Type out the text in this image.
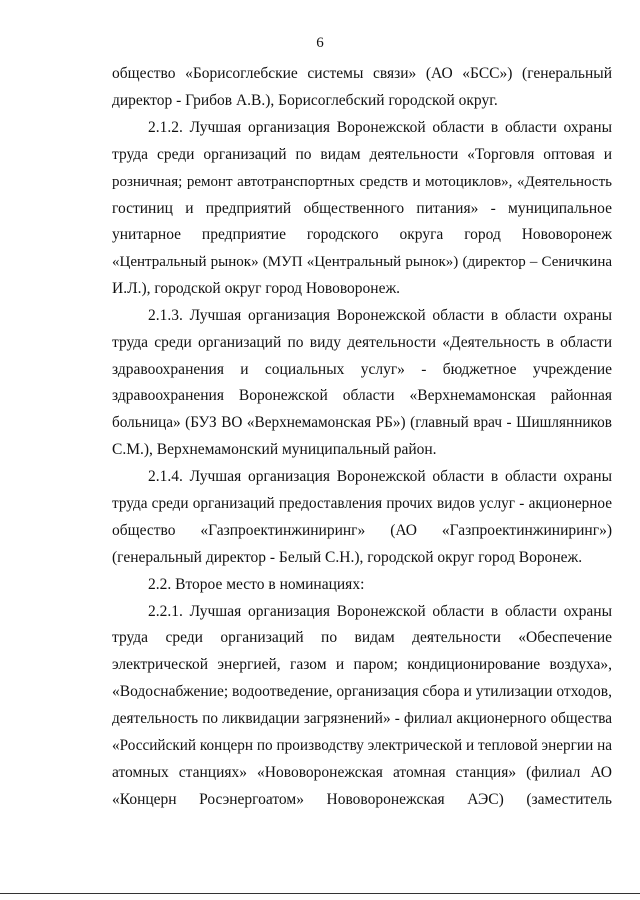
6
общество «Борисоглебские системы связи» (АО «БСС») (генеральный
директор - Грибов А.В.), Борисоглебский городской округ.
2.1.2. Лучшая организация Воронежской области в области охраны
труда среди организаций по видам деятельности «Торговля оптовая и
розничная; ремонт автотранспортных средств и мотоциклов», «Деятельность
гостиниц и предприятий общественного питания» - муниципальное
унитарное предприятие городского округа город Нововоронеж
«Центральный рынок» (МУП «Центральный рынок») (директор – Сеничкина
И.Л.), городской округ город Нововоронеж.
2.1.3. Лучшая организация Воронежской области в области охраны
труда среди организаций по виду деятельности «Деятельность в области
здравоохранения и социальных услуг» - бюджетное учреждение
здравоохранения Воронежской области «Верхнемамонская районная
больница» (БУЗ ВО «Верхнемамонская РБ») (главный врач - Шишлянников
С.М.), Верхнемамонский муниципальный район.
2.1.4. Лучшая организация Воронежской области в области охраны
труда среди организаций предоставления прочих видов услуг - акционерное
общество «Газпроектинжиниринг» (АО «Газпроектинжиниринг»)
(генеральный директор - Белый С.Н.), городской округ город Воронеж.
2.2. Второе место в номинациях:
2.2.1. Лучшая организация Воронежской области в области охраны
труда среди организаций по видам деятельности «Обеспечение
электрической энергией, газом и паром; кондиционирование воздуха»,
«Водоснабжение; водоотведение, организация сбора и утилизации отходов,
деятельность по ликвидации загрязнений» - филиал акционерного общества
«Российский концерн по производству электрической и тепловой энергии на
атомных станциях» «Нововоронежская атомная станция» (филиал АО
«Концерн Росэнергоатом» Нововоронежская АЭС) (заместитель
